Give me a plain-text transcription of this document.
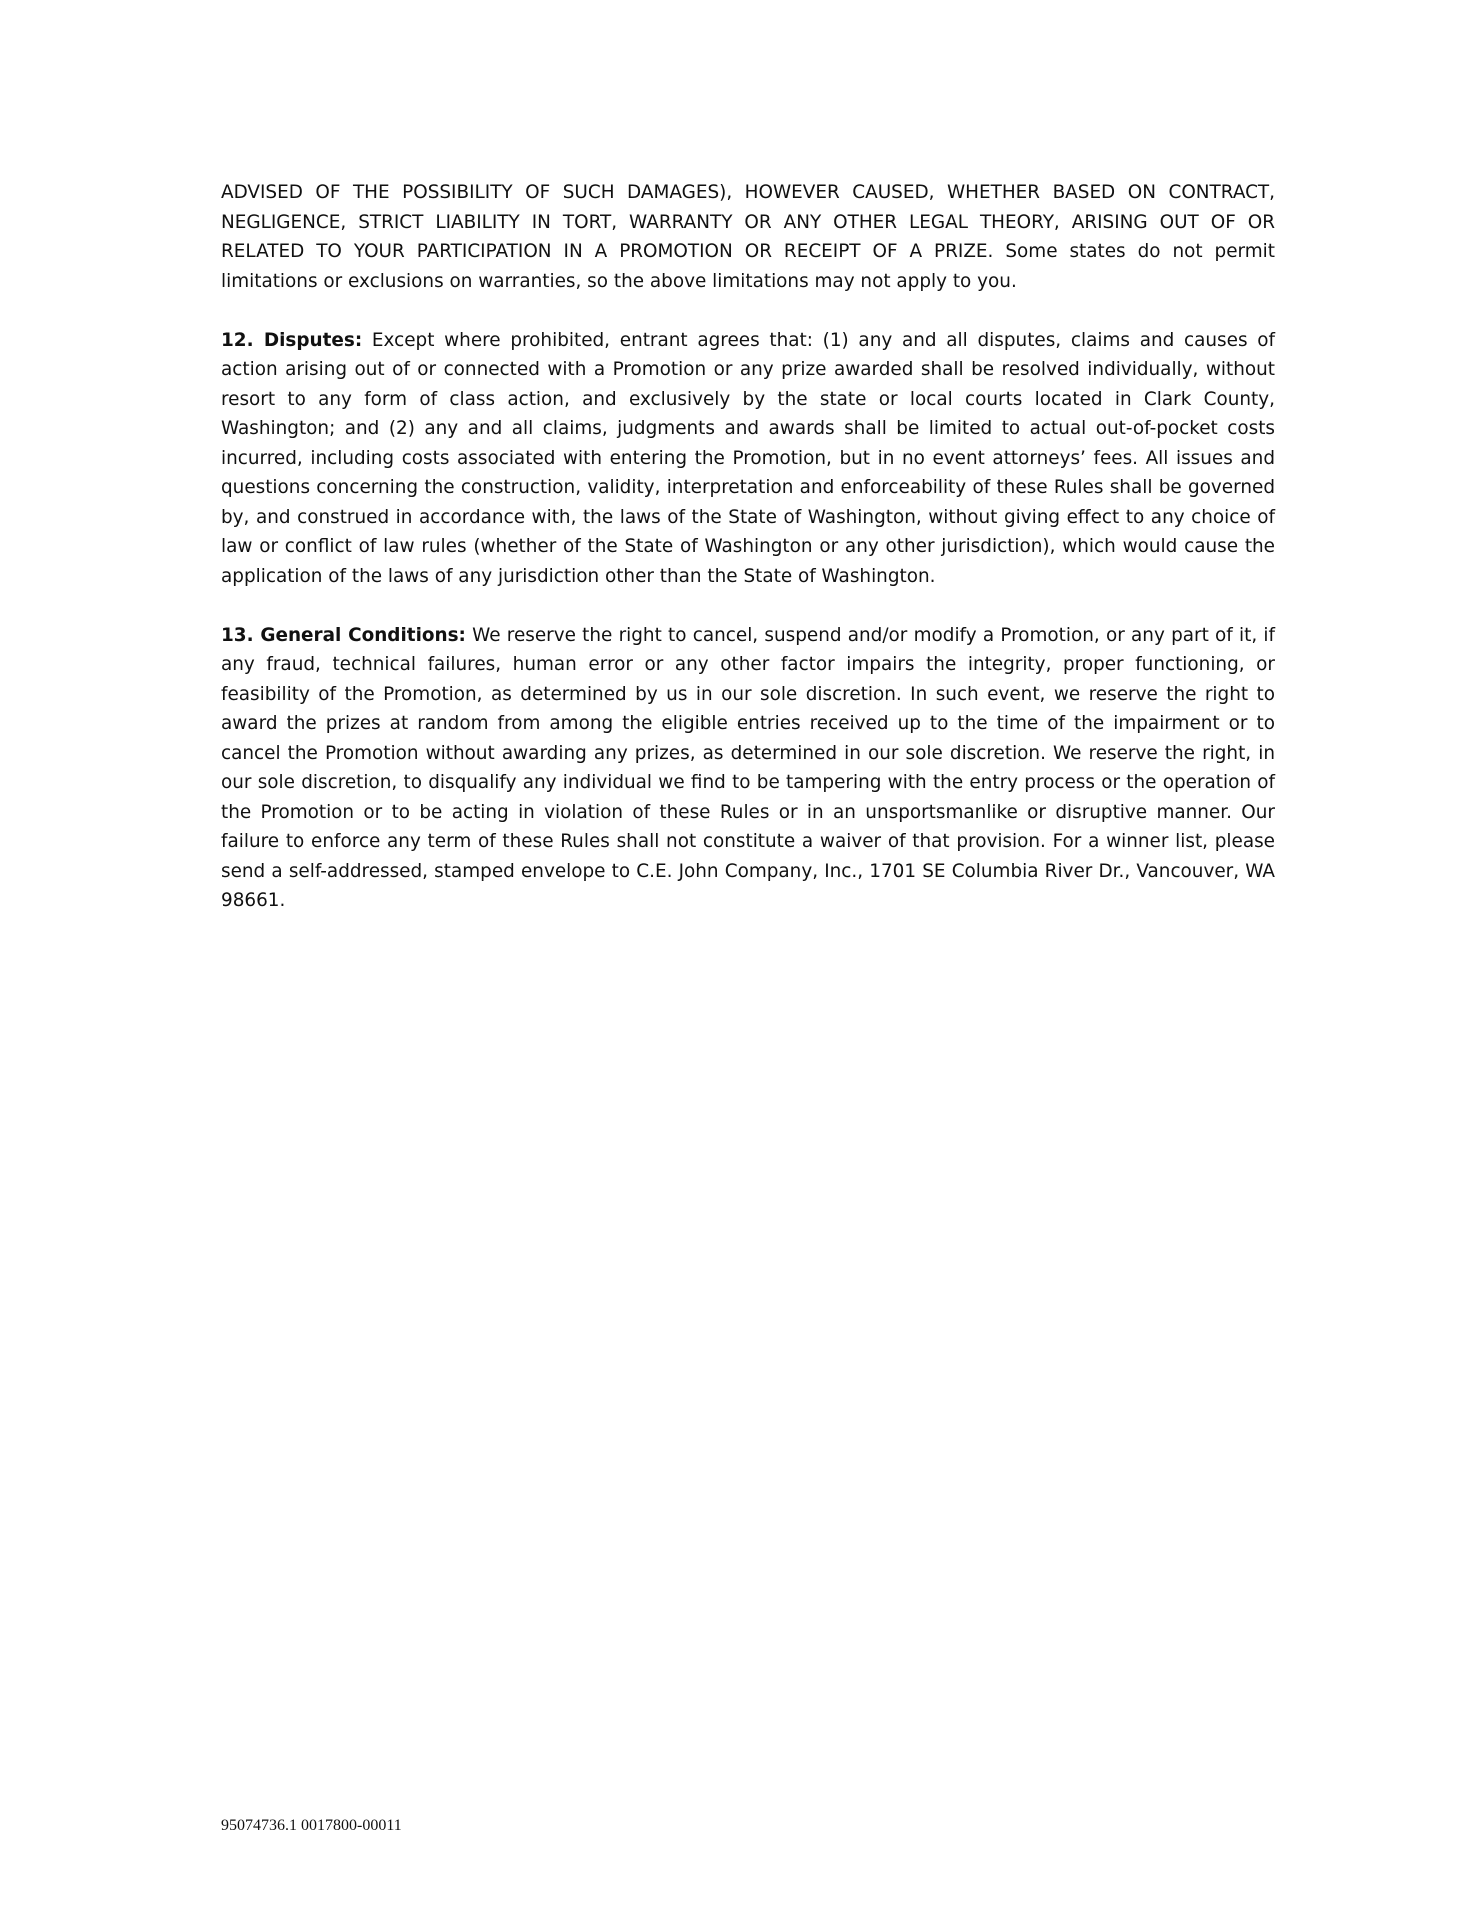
ADVISED OF THE POSSIBILITY OF SUCH DAMAGES), HOWEVER CAUSED, WHETHER BASED ON CONTRACT, NEGLIGENCE, STRICT LIABILITY IN TORT, WARRANTY OR ANY OTHER LEGAL THEORY, ARISING OUT OF OR RELATED TO YOUR PARTICIPATION IN A PROMOTION OR RECEIPT OF A PRIZE. Some states do not permit limitations or exclusions on warranties, so the above limitations may not apply to you.

12. Disputes: Except where prohibited, entrant agrees that: (1) any and all disputes, claims and causes of action arising out of or connected with a Promotion or any prize awarded shall be resolved individually, without resort to any form of class action, and exclusively by the state or local courts located in Clark County, Washington; and (2) any and all claims, judgments and awards shall be limited to actual out-of-pocket costs incurred, including costs associated with entering the Promotion, but in no event attorneys’ fees. All issues and questions concerning the construction, validity, interpretation and enforceability of these Rules shall be governed by, and construed in accordance with, the laws of the State of Washington, without giving effect to any choice of law or conflict of law rules (whether of the State of Washington or any other jurisdiction), which would cause the application of the laws of any jurisdiction other than the State of Washington.

13. General Conditions: We reserve the right to cancel, suspend and/or modify a Promotion, or any part of it, if any fraud, technical failures, human error or any other factor impairs the integrity, proper functioning, or feasibility of the Promotion, as determined by us in our sole discretion. In such event, we reserve the right to award the prizes at random from among the eligible entries received up to the time of the impairment or to cancel the Promotion without awarding any prizes, as determined in our sole discretion. We reserve the right, in our sole discretion, to disqualify any individual we find to be tampering with the entry process or the operation of the Promotion or to be acting in violation of these Rules or in an unsportsmanlike or disruptive manner. Our failure to enforce any term of these Rules shall not constitute a waiver of that provision. For a winner list, please send a self-addressed, stamped envelope to C.E. John Company, Inc., 1701 SE Columbia River Dr., Vancouver, WA 98661.

95074736.1 0017800-00011
